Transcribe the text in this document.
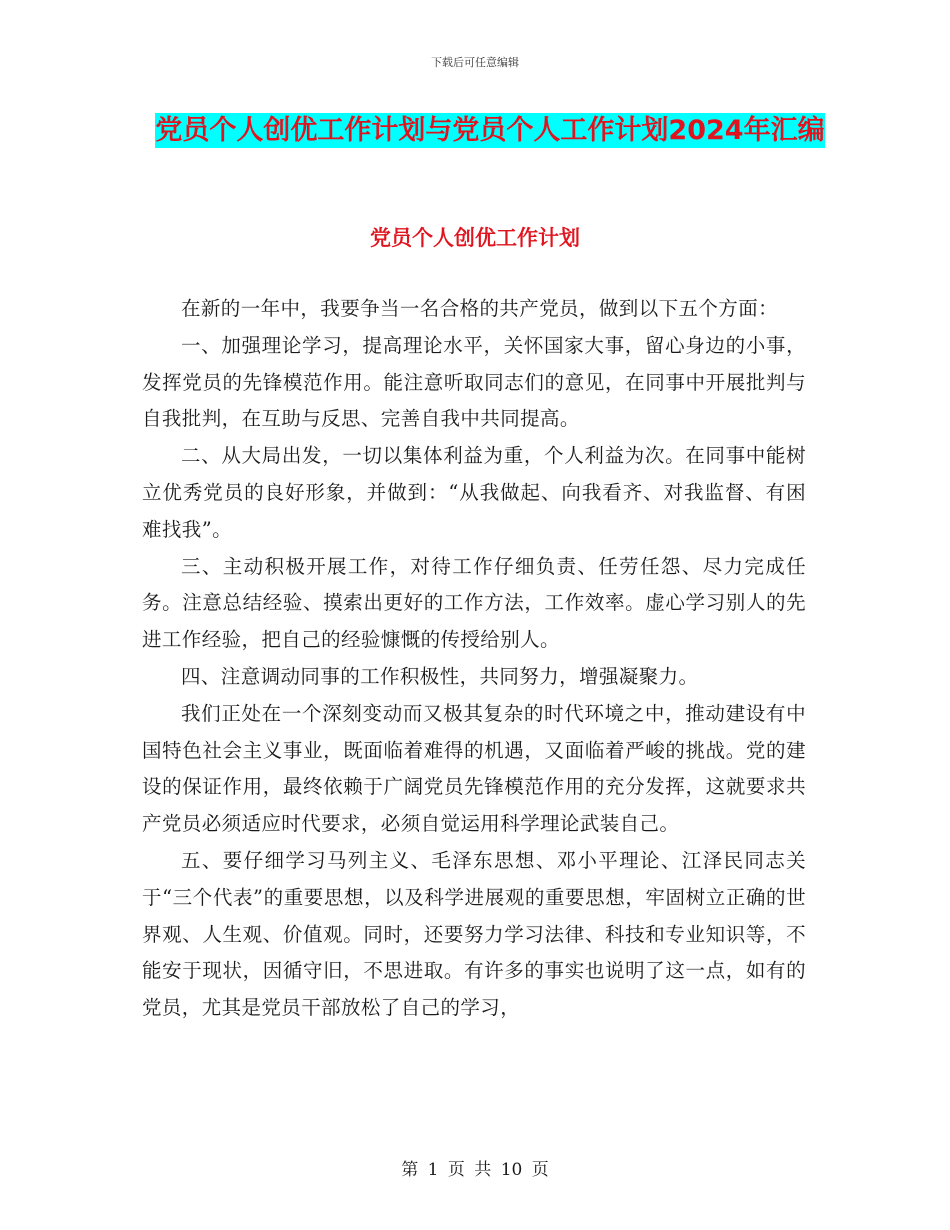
下载后可任意编辑
党员个人创优工作计划与党员个人工作计划2024年汇编
党员个人创优工作计划

在新的一年中，我要争当一名合格的共产党员，做到以下五个方面：

一、加强理论学习，提高理论水平，关怀国家大事，留心身边的小事，发挥党员的先锋模范作用。能注意听取同志们的意见，在同事中开展批判与自我批判，在互助与反思、完善自我中共同提高。

二、从大局出发，一切以集体利益为重，个人利益为次。在同事中能树立优秀党员的良好形象，并做到：“从我做起、向我看齐、对我监督、有困难找我”。

三、主动积极开展工作，对待工作仔细负责、任劳任怨、尽力完成任务。注意总结经验、摸索出更好的工作方法，工作效率。虚心学习别人的先进工作经验，把自己的经验慷慨的传授给别人。

四、注意调动同事的工作积极性，共同努力，增强凝聚力。

我们正处在一个深刻变动而又极其复杂的时代环境之中，推动建设有中国特色社会主义事业，既面临着难得的机遇，又面临着严峻的挑战。党的建设的保证作用，最终依赖于广阔党员先锋模范作用的充分发挥，这就要求共产党员必须适应时代要求，必须自觉运用科学理论武装自己。

五、要仔细学习马列主义、毛泽东思想、邓小平理论、江泽民同志关于“三个代表”的重要思想，以及科学进展观的重要思想，牢固树立正确的世界观、人生观、价值观。同时，还要努力学习法律、科技和专业知识等，不能安于现状，因循守旧，不思进取。有许多的事实也说明了这一点，如有的党员，尤其是党员干部放松了自己的学习，

第 1 页 共 10 页
